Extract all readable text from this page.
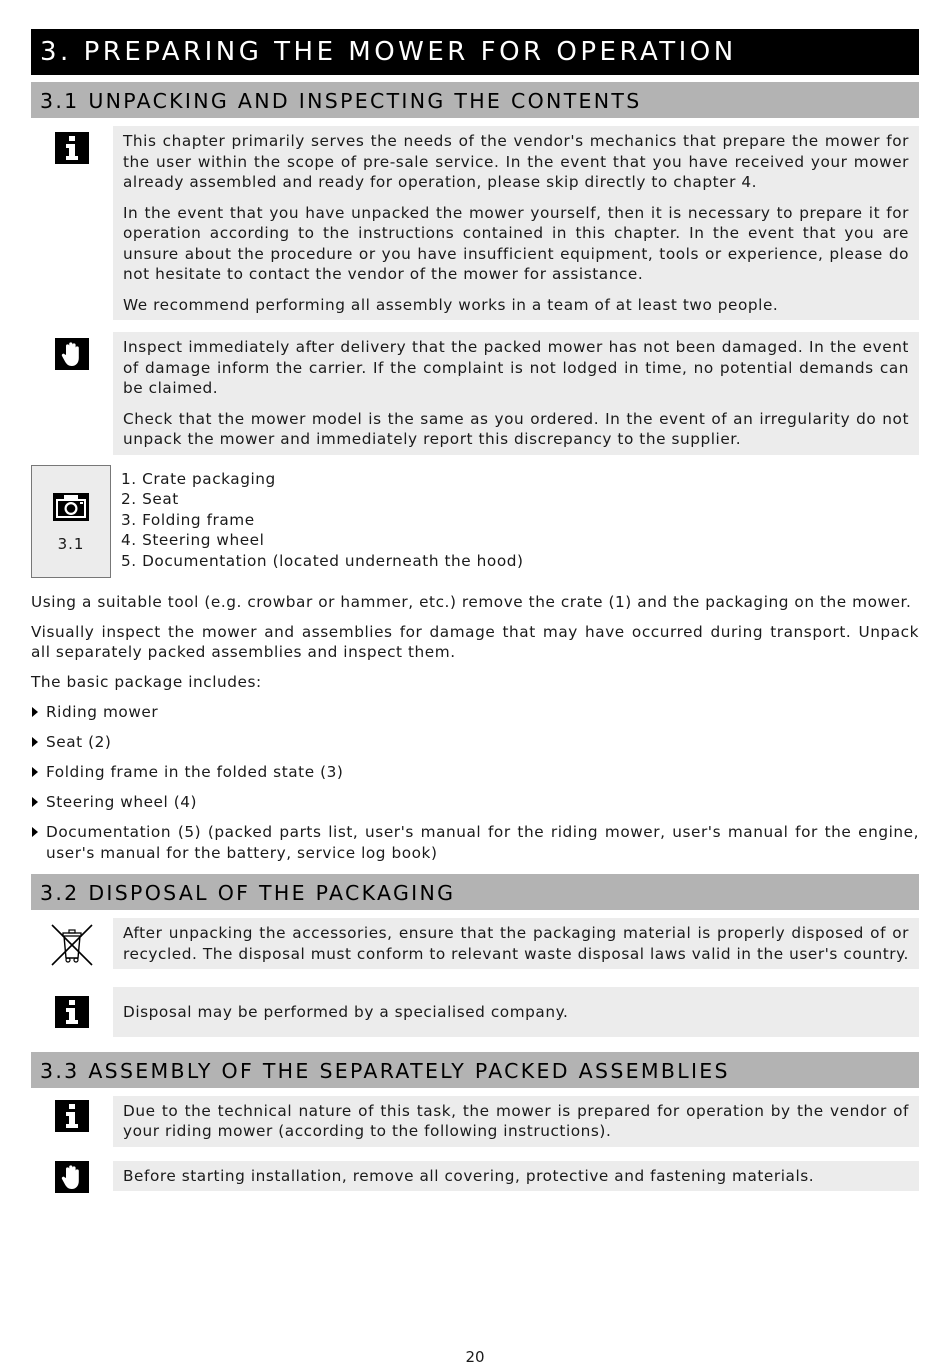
3. PREPARING THE MOWER FOR OPERATION
3.1 UNPACKING AND INSPECTING THE CONTENTS

This chapter primarily serves the needs of the vendor's mechanics that prepare the mower for the user within the scope of pre-sale service. In the event that you have received your mower already assembled and ready for operation, please skip directly to chapter 4.

In the event that you have unpacked the mower yourself, then it is necessary to prepare it for operation according to the instructions contained in this chapter. In the event that you are unsure about the procedure or you have insufficient equipment, tools or experience, please do not hesitate to contact the vendor of the mower for assistance.

We recommend performing all assembly works in a team of at least two people.

Inspect immediately after delivery that the packed mower has not been damaged. In the event of damage inform the carrier. If the complaint is not lodged in time, no potential demands can be claimed.

Check that the mower model is the same as you ordered. In the event of an irregularity do not unpack the mower and immediately report this discrepancy to the supplier.

3.1
1. Crate packaging
2. Seat
3. Folding frame
4. Steering wheel
5. Documentation (located underneath the hood)

Using a suitable tool (e.g. crowbar or hammer, etc.) remove the crate (1) and the packaging on the mower.

Visually inspect the mower and assemblies for damage that may have occurred during transport. Unpack all separately packed assemblies and inspect them.

The basic package includes:

Riding mower
Seat (2)
Folding frame in the folded state (3)
Steering wheel (4)
Documentation (5) (packed parts list, user's manual for the riding mower, user's manual for the engine, user's manual for the battery, service log book)
3.2 DISPOSAL OF THE PACKAGING

After unpacking the accessories, ensure that the packaging material is properly disposed of or recycled. The disposal must conform to relevant waste disposal laws valid in the user's country.

Disposal may be performed by a specialised company.

3.3 ASSEMBLY OF THE SEPARATELY PACKED ASSEMBLIES

Due to the technical nature of this task, the mower is prepared for operation by the vendor of your riding mower (according to the following instructions).

Before starting installation, remove all covering, protective and fastening materials.

20
